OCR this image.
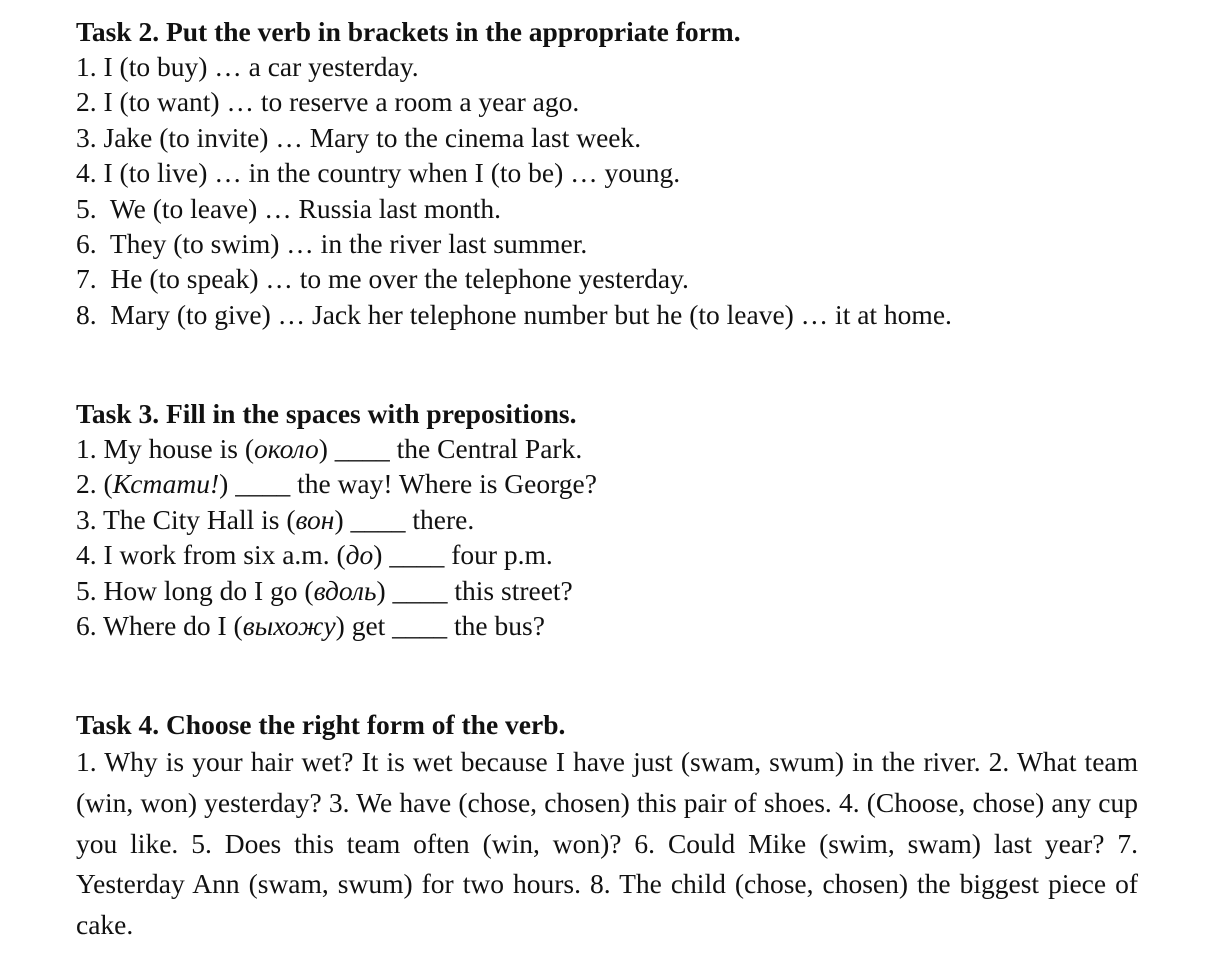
Task 2. Put the verb in brackets in the appropriate form.
1. I (to buy) … a car yesterday.
2. I (to want) … to reserve a room a year ago.
3. Jake (to invite) … Mary to the cinema last week.
4. I (to live) … in the country when I (to be) … young.
5.  We (to leave) … Russia last month.
6.  They (to swim) … in the river last summer.
7.  He (to speak) … to me over the telephone yesterday.
8.  Mary (to give) … Jack her telephone number but he (to leave) … it at home.
Task 3. Fill in the spaces with prepositions.
1. My house is (около) ____ the Central Park.
2. (Кстати!) ____ the way! Where is George?
3. The City Hall is (вон) ____ there.
4. I work from six a.m. (до) ____ four p.m.
5. How long do I go (вдоль) ____ this street?
6. Where do I (выхожу) get ____ the bus?
Task 4. Choose the right form of the verb.
1. Why is your hair wet? It is wet because I have just (swam, swum) in the river. 2. What team (win, won) yesterday? 3. We have (chose, chosen) this pair of shoes. 4. (Choose, chose) any cup you like. 5. Does this team often (win, won)? 6. Could Mike (swim, swam) last year? 7. Yesterday Ann (swam, swum) for two hours. 8. The child (chose, chosen) the biggest piece of cake.
